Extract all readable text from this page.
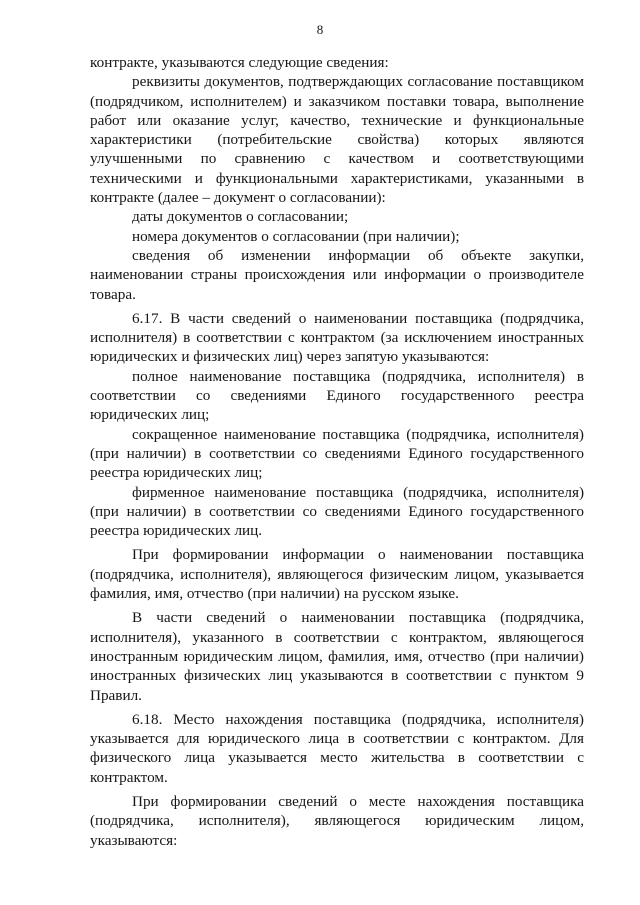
8

контракте, указываются следующие сведения:

реквизиты документов, подтверждающих согласование поставщиком (подрядчиком, исполнителем) и заказчиком поставки товара, выполнение работ или оказание услуг, качество, технические и функциональные характеристики (потребительские свойства) которых являются улучшенными по сравнению с качеством и соответствующими техническими и функциональными характеристиками, указанными в контракте (далее – документ о согласовании):

даты документов о согласовании;

номера документов о согласовании (при наличии);

сведения об изменении информации об объекте закупки, наименовании страны происхождения или информации о производителе товара.

6.17. В части сведений о наименовании поставщика (подрядчика, исполнителя) в соответствии с контрактом (за исключением иностранных юридических и физических лиц) через запятую указываются:

полное наименование поставщика (подрядчика, исполнителя) в соответствии со сведениями Единого государственного реестра юридических лиц;

сокращенное наименование поставщика (подрядчика, исполнителя) (при наличии) в соответствии со сведениями Единого государственного реестра юридических лиц;

фирменное наименование поставщика (подрядчика, исполнителя) (при наличии) в соответствии со сведениями Единого государственного реестра юридических лиц.

При формировании информации о наименовании поставщика (подрядчика, исполнителя), являющегося физическим лицом, указывается фамилия, имя, отчество (при наличии) на русском языке.

В части сведений о наименовании поставщика (подрядчика, исполнителя), указанного в соответствии с контрактом, являющегося иностранным юридическим лицом, фамилия, имя, отчество (при наличии) иностранных физических лиц указываются в соответствии с пунктом 9 Правил.

6.18. Место нахождения поставщика (подрядчика, исполнителя) указывается для юридического лица в соответствии с контрактом. Для физического лица указывается место жительства в соответствии с контрактом.

При формировании сведений о месте нахождения поставщика (подрядчика, исполнителя), являющегося юридическим лицом, указываются:
